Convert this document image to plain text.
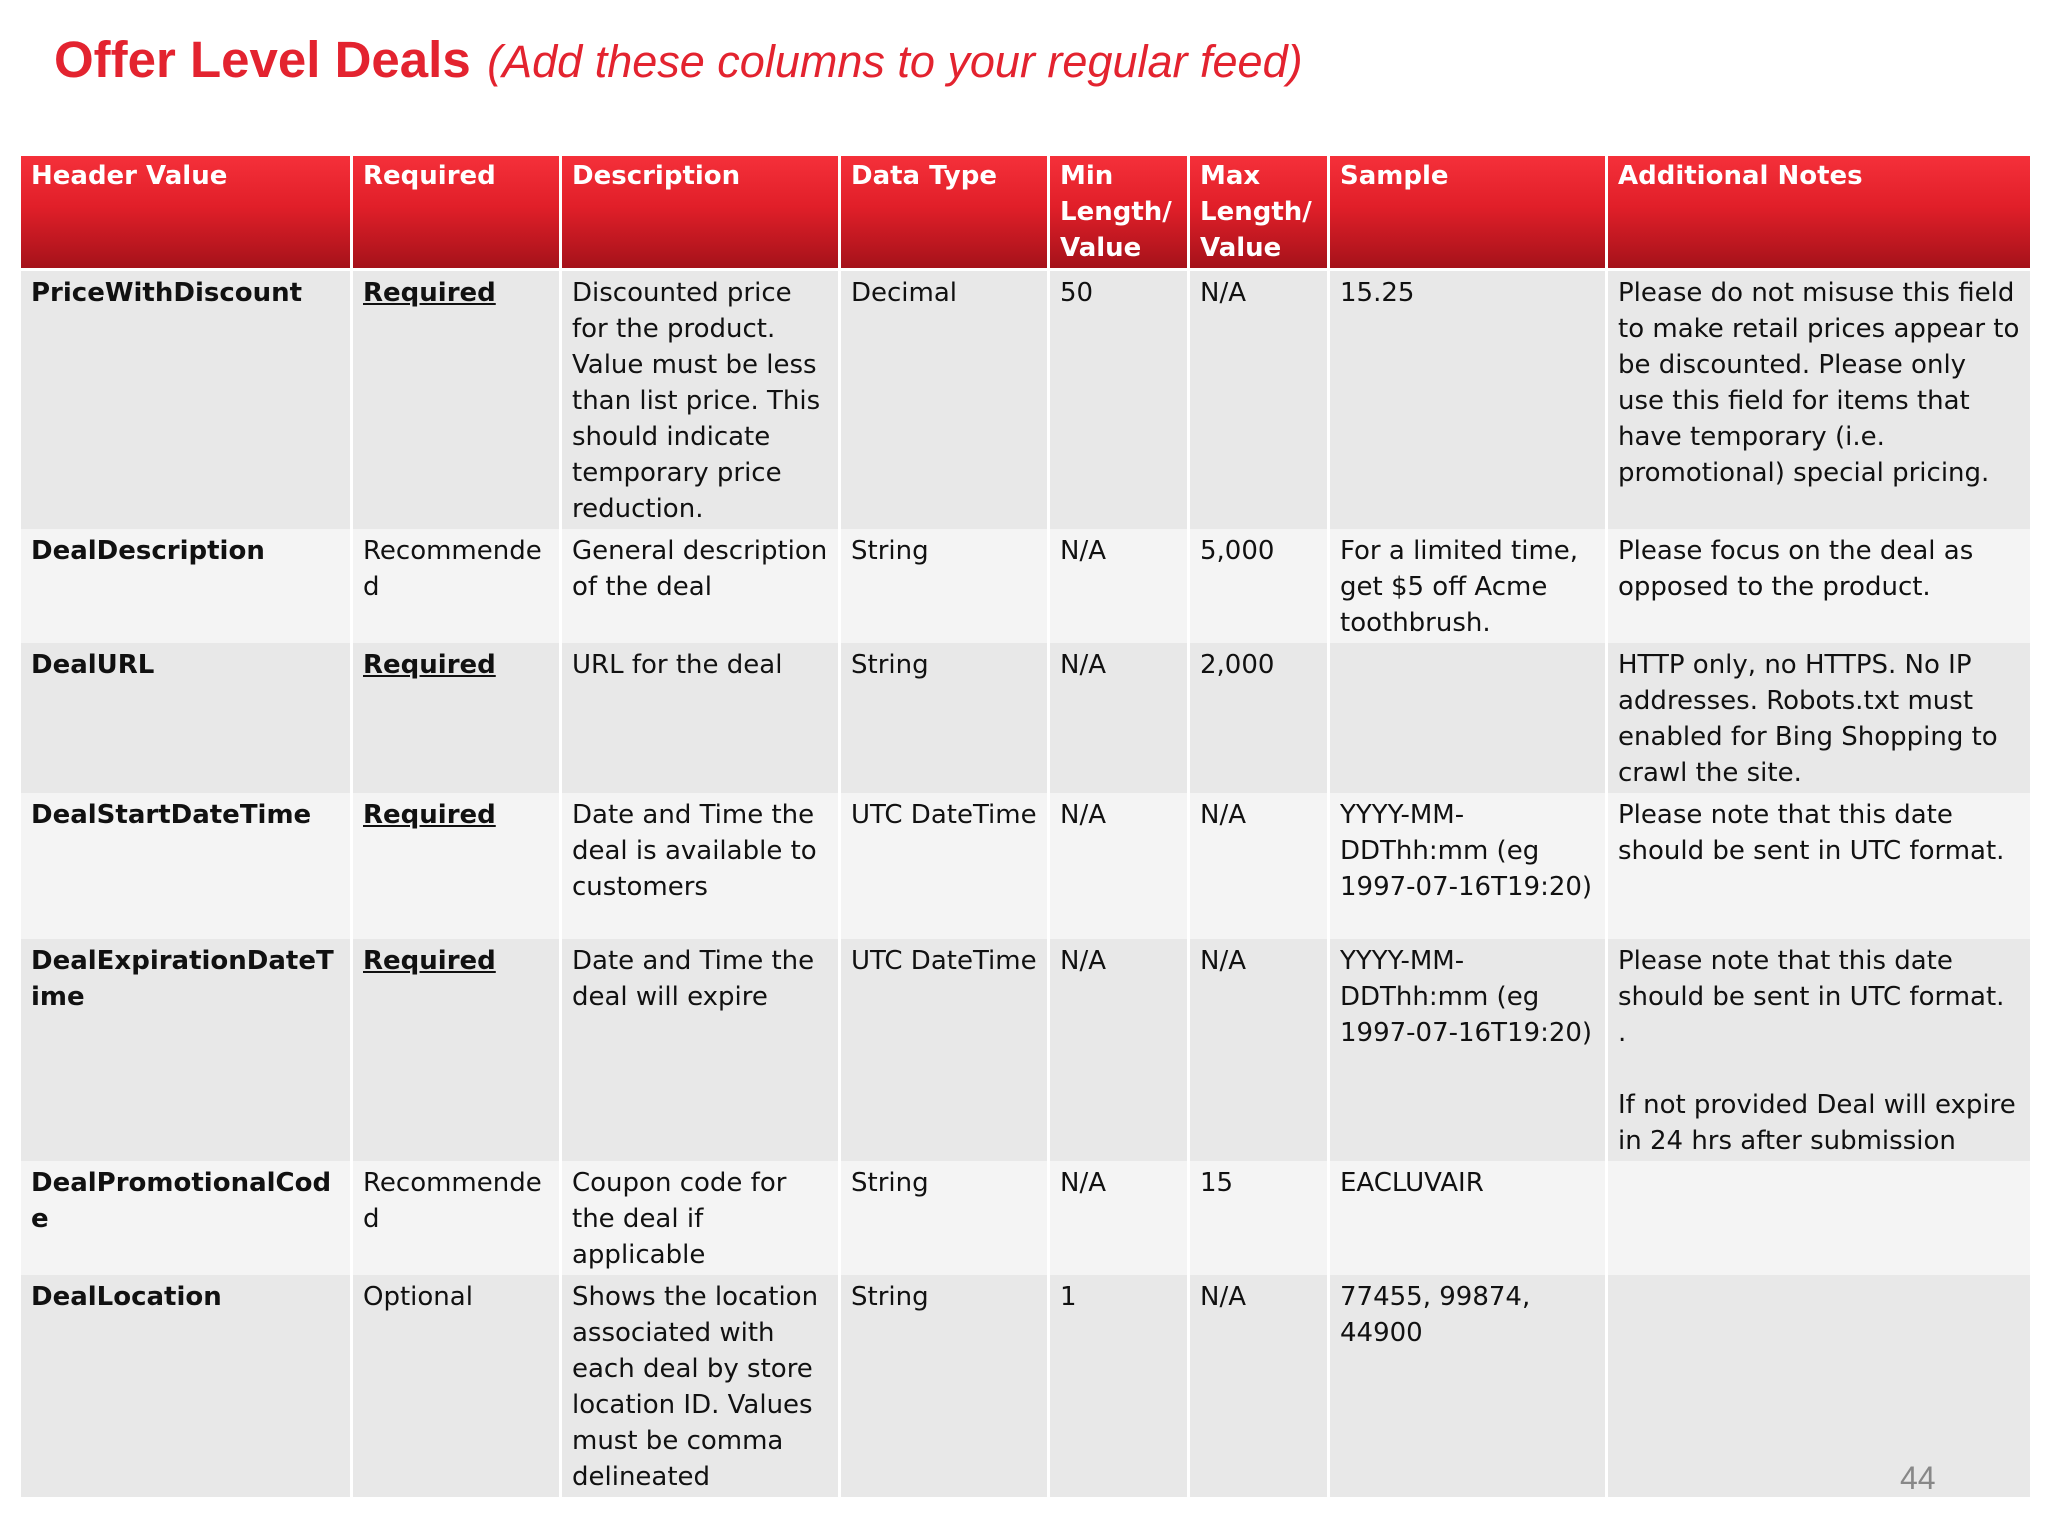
Offer Level Deals (Add these columns to your regular feed)
Header Value	Required	Description	Data Type	Min Length/ Value	Max Length/ Value	Sample	Additional Notes
PriceWithDiscount	Required	Discounted price for the product. Value must be less than list price. This should indicate temporary price reduction.	Decimal	50	N/A	15.25	Please do not misuse this field to make retail prices appear to be discounted. Please only use this field for items that have temporary (i.e. promotional) special pricing.
DealDescription	Recommended	General description of the deal	String	N/A	5,000	For a limited time, get $5 off Acme toothbrush.	Please focus on the deal as opposed to the product.
DealURL	Required	URL for the deal	String	N/A	2,000		HTTP only, no HTTPS. No IP addresses. Robots.txt must enabled for Bing Shopping to crawl the site.
DealStartDateTime	Required	Date and Time the deal is available to customers	UTC DateTime	N/A	N/A	YYYY-MM-DDThh:mm (eg 1997-07-16T19:20)	Please note that this date should be sent in UTC format.
DealExpirationDateTime	Required	Date and Time the deal will expire	UTC DateTime	N/A	N/A	YYYY-MM-DDThh:mm (eg 1997-07-16T19:20)	Please note that this date should be sent in UTC format. .
If not provided Deal will expire in 24 hrs after submission
DealPromotionalCode	Recommended	Coupon code for the deal if applicable	String	N/A	15	EACLUVAIR	
DealLocation	Optional	Shows the location associated with each deal by store location ID. Values must be comma delineated	String	1	N/A	77455, 99874, 44900	
44
